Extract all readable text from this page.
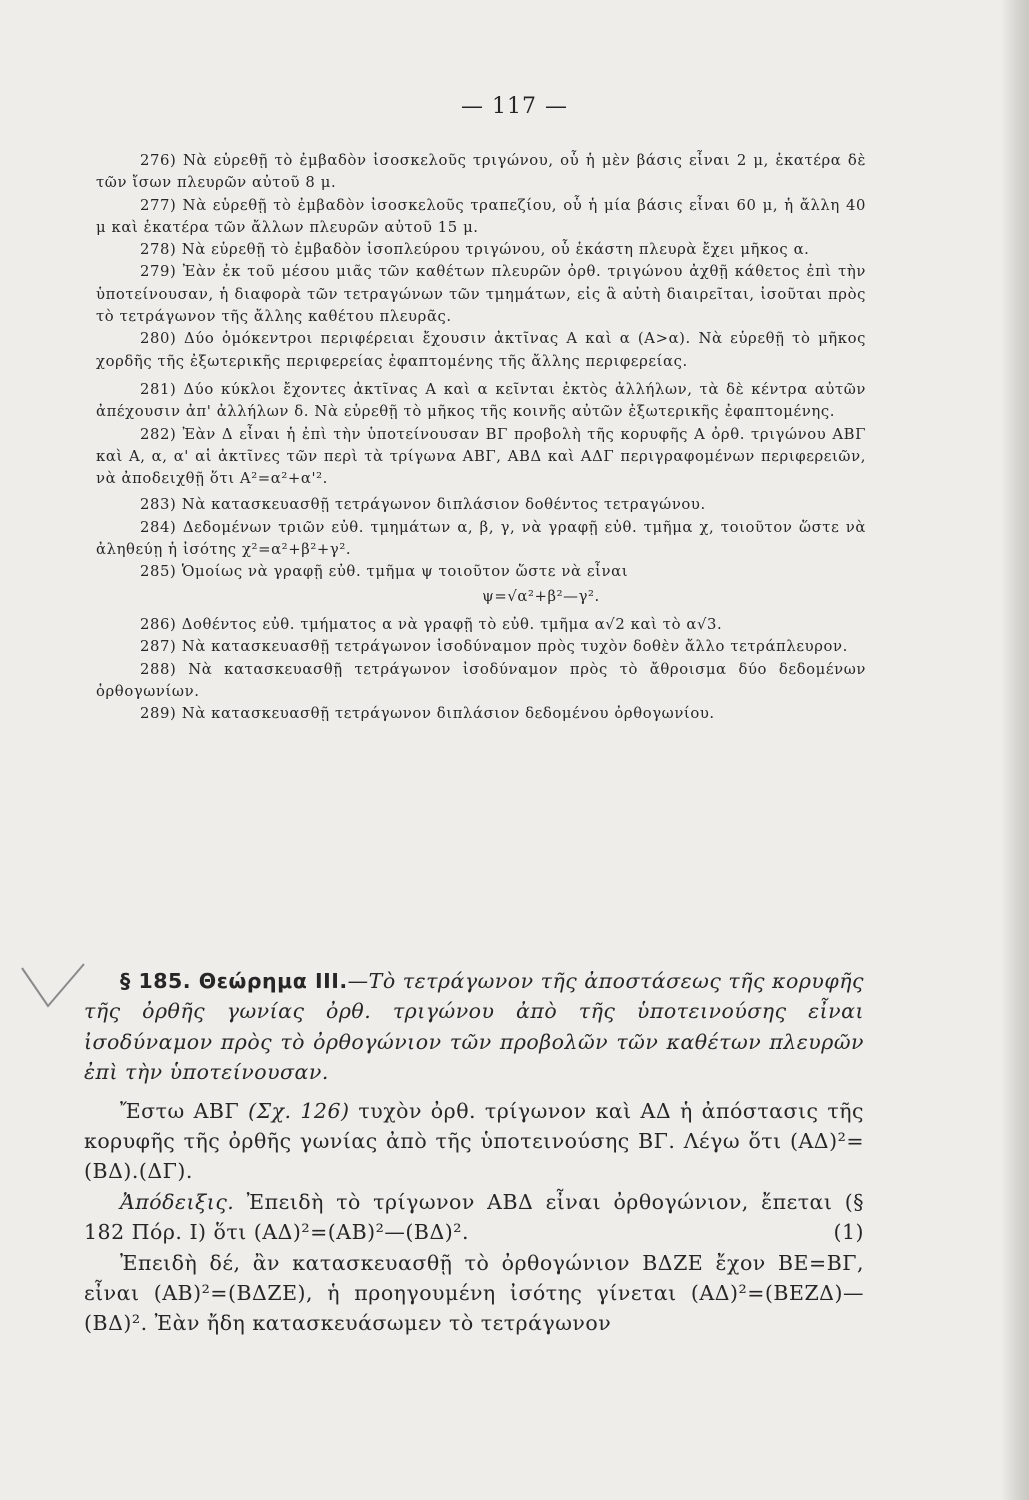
— 117 —

276) Νὰ εὑρεθῇ τὸ ἐμβαδὸν ἰσοσκελοῦς τριγώνου, οὗ ἡ μὲν βάσις εἶναι 2 μ, ἑκατέρα δὲ τῶν ἴσων πλευρῶν αὐτοῦ 8 μ.

277) Νὰ εὑρεθῇ τὸ ἐμβαδὸν ἰσοσκελοῦς τραπεζίου, οὗ ἡ μία βάσις εἶναι 60 μ, ἡ ἄλλη 40 μ καὶ ἑκατέρα τῶν ἄλλων πλευρῶν αὐτοῦ 15 μ.

278) Νὰ εὑρεθῇ τὸ ἐμβαδὸν ἰσοπλεύρου τριγώνου, οὗ ἑκάστη πλευρὰ ἔχει μῆκος α.

279) Ἐὰν ἐκ τοῦ μέσου μιᾶς τῶν καθέτων πλευρῶν ὀρθ. τριγώνου ἀχθῇ κάθετος ἐπὶ τὴν ὑποτείνουσαν, ἡ διαφορὰ τῶν τετραγώνων τῶν τμημάτων, εἰς ἃ αὐτὴ διαιρεῖται, ἰσοῦται πρὸς τὸ τετράγωνον τῆς ἄλλης καθέτου πλευρᾶς.

280) Δύο ὁμόκεντροι περιφέρειαι ἔχουσιν ἀκτῖνας Α καὶ α (Α>α). Νὰ εὑρεθῇ τὸ μῆκος χορδῆς τῆς ἐξωτερικῆς περιφερείας ἐφαπτομένης τῆς ἄλλης περιφερείας.

281) Δύο κύκλοι ἔχοντες ἀκτῖνας Α καὶ α κεῖνται ἐκτὸς ἀλλήλων, τὰ δὲ κέντρα αὐτῶν ἀπέχουσιν ἀπ' ἀλλήλων δ. Νὰ εὑρεθῇ τὸ μῆκος τῆς κοινῆς αὐτῶν ἐξωτερικῆς ἐφαπτομένης.

282) Ἐὰν Δ εἶναι ἡ ἐπὶ τὴν ὑποτείνουσαν ΒΓ προβολὴ τῆς κορυφῆς Α ὀρθ. τριγώνου ΑΒΓ καὶ Α, α, α' αἱ ἀκτῖνες τῶν περὶ τὰ τρίγωνα ΑΒΓ, ΑΒΔ καὶ ΑΔΓ περιγραφομένων περιφερειῶν, νὰ ἀποδειχθῇ ὅτι Α²=α²+α'².

283) Νὰ κατασκευασθῇ τετράγωνον διπλάσιον δοθέντος τετραγώνου.

284) Δεδομένων τριῶν εὐθ. τμημάτων α, β, γ, νὰ γραφῇ εὐθ. τμῆμα χ, τοιοῦτον ὥστε νὰ ἀληθεύῃ ἡ ἰσότης χ²=α²+β²+γ².

285) Ὁμοίως νὰ γραφῇ εὐθ. τμῆμα ψ τοιοῦτον ὥστε νὰ εἶναι

ψ=√α²+β²—γ².

286) Δοθέντος εὐθ. τμήματος α νὰ γραφῇ τὸ εὐθ. τμῆμα α√2 καὶ τὸ α√3.

287) Νὰ κατασκευασθῇ τετράγωνον ἰσοδύναμον πρὸς τυχὸν δοθὲν ἄλλο τετράπλευρον.

288) Νὰ κατασκευασθῇ τετράγωνον ἰσοδύναμον πρὸς τὸ ἄθροισμα δύο δεδομένων ὀρθογωνίων.

289) Νὰ κατασκευασθῇ τετράγωνον διπλάσιον δεδομένου ὀρθογωνίου.

§ 185. Θεώρημα ΙΙΙ.—Τὸ τετράγωνον τῆς ἀποστάσεως τῆς κορυφῆς τῆς ὀρθῆς γωνίας ὀρθ. τριγώνου ἀπὸ τῆς ὑποτεινούσης εἶναι ἰσοδύναμον πρὸς τὸ ὀρθογώνιον τῶν προβολῶν τῶν καθέτων πλευρῶν ἐπὶ τὴν ὑποτείνουσαν.

Ἔστω ΑΒΓ (Σχ. 126) τυχὸν ὀρθ. τρίγωνον καὶ ΑΔ ἡ ἀπόστασις τῆς κορυφῆς τῆς ὀρθῆς γωνίας ἀπὸ τῆς ὑποτεινούσης ΒΓ. Λέγω ὅτι (ΑΔ)²=(ΒΔ).(ΔΓ).

Ἀπόδειξις. Ἐπειδὴ τὸ τρίγωνον ΑΒΔ εἶναι ὀρθογώνιον, ἔπεται (§ 182 Πόρ. Ι) ὅτι (ΑΔ)²=(ΑΒ)²—(ΒΔ)².	(1)

Ἐπειδὴ δέ, ἂν κατασκευασθῇ τὸ ὀρθογώνιον ΒΔΖΕ ἔχον ΒΕ=ΒΓ, εἶναι (ΑΒ)²=(ΒΔΖΕ), ἡ προηγουμένη ἰσότης γίνεται (ΑΔ)²=(ΒΕΖΔ)—(ΒΔ)². Ἐὰν ἤδη κατασκευάσωμεν τὸ τετράγωνον
